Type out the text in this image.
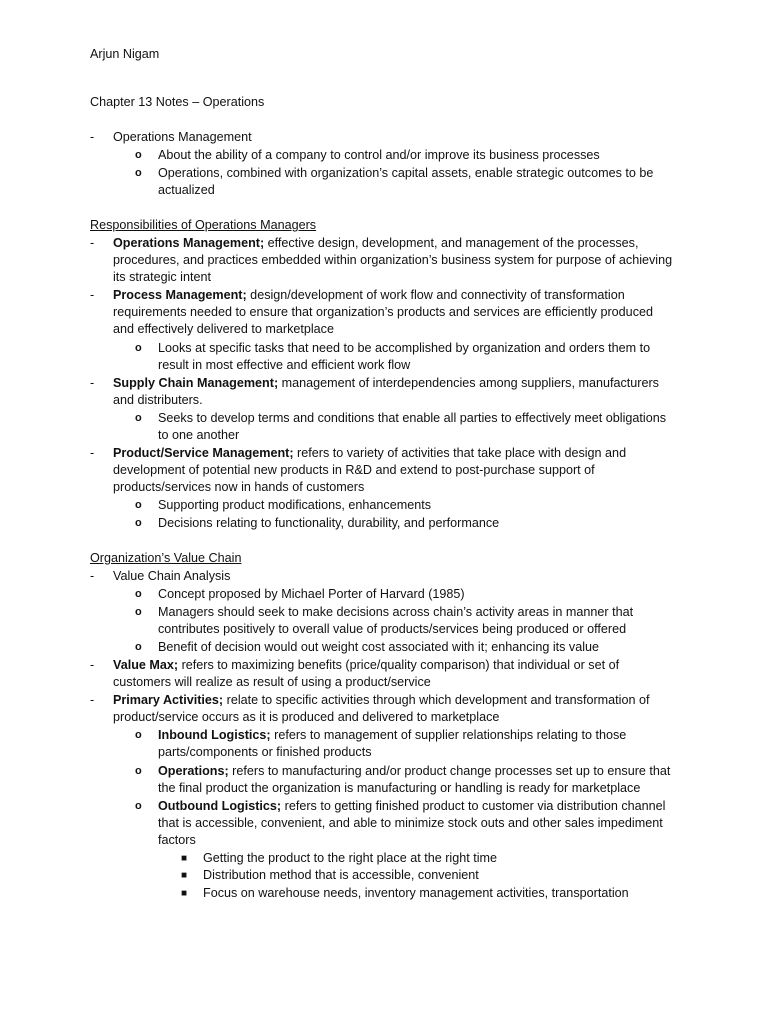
Arjun Nigam
Chapter 13 Notes – Operations
- Operations Management
o About the ability of a company to control and/or improve its business processes
o Operations, combined with organization’s capital assets, enable strategic outcomes to be
actualized
Responsibilities of Operations Managers
- Operations Management; effective design, development, and management of the processes,
procedures, and practices embedded within organization’s business system for purpose of achieving
its strategic intent
- Process Management; design/development of work flow and connectivity of transformation
requirements needed to ensure that organization’s products and services are efficiently produced
and effectively delivered to marketplace
o Looks at specific tasks that need to be accomplished by organization and orders them to
result in most effective and efficient work flow
- Supply Chain Management; management of interdependencies among suppliers, manufacturers
and distributers.
o Seeks to develop terms and conditions that enable all parties to effectively meet obligations
to one another
- Product/Service Management; refers to variety of activities that take place with design and
development of potential new products in R&D and extend to post-purchase support of
products/services now in hands of customers
o Supporting product modifications, enhancements
o Decisions relating to functionality, durability, and performance
Organization’s Value Chain
- Value Chain Analysis
o Concept proposed by Michael Porter of Harvard (1985)
o Managers should seek to make decisions across chain’s activity areas in manner that
contributes positively to overall value of products/services being produced or offered
o Benefit of decision would out weight cost associated with it; enhancing its value
- Value Max; refers to maximizing benefits (price/quality comparison) that individual or set of
customers will realize as result of using a product/service
- Primary Activities; relate to specific activities through which development and transformation of
product/service occurs as it is produced and delivered to marketplace
o Inbound Logistics; refers to management of supplier relationships relating to those
parts/components or finished products
o Operations; refers to manufacturing and/or product change processes set up to ensure that
the final product the organization is manufacturing or handling is ready for marketplace
o Outbound Logistics; refers to getting finished product to customer via distribution channel
that is accessible, convenient, and able to minimize stock outs and other sales impediment
factors
■ Getting the product to the right place at the right time
■ Distribution method that is accessible, convenient
■ Focus on warehouse needs, inventory management activities, transportation
